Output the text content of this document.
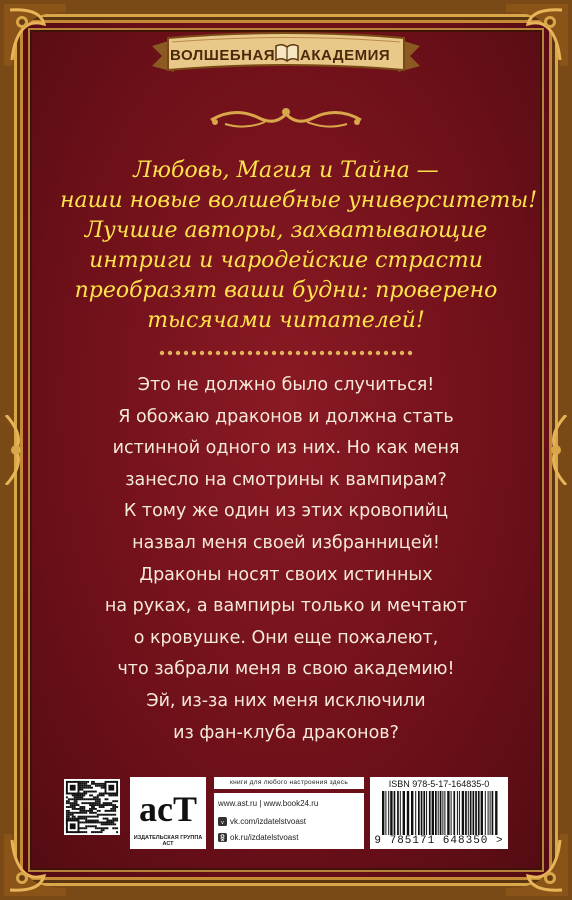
ВОЛШЕБНАЯ АКАДЕМИЯ
Любовь, Магия и Тайна —
наши новые волшебные университеты!
Лучшие авторы, захватывающие
интриги и чародейские страсти
преобразят ваши будни: проверено
тысячами читателей!
Это не должно было случиться!
Я обожаю драконов и должна стать
истинной одного из них. Но как меня
занесло на смотрины к вампирам?
К тому же один из этих кровопийц
назвал меня своей избранницей!
Драконы носят своих истинных
на руках, а вампиры только и мечтают
о кровушке. Они еще пожалеют,
что забрали меня в свою академию!
Эй, из-за них меня исключили
из фан-клуба драконов?
acT
ИЗДАТЕЛЬСКАЯ ГРУППА АСТ
книги для любого настроения здесь
www.ast.ru | www.book24.ru
v vk.com/izdatelstvoast
ok.ru/izdatelstvoast
ISBN 978-5-17-164835-0
9 785171 648350 >
